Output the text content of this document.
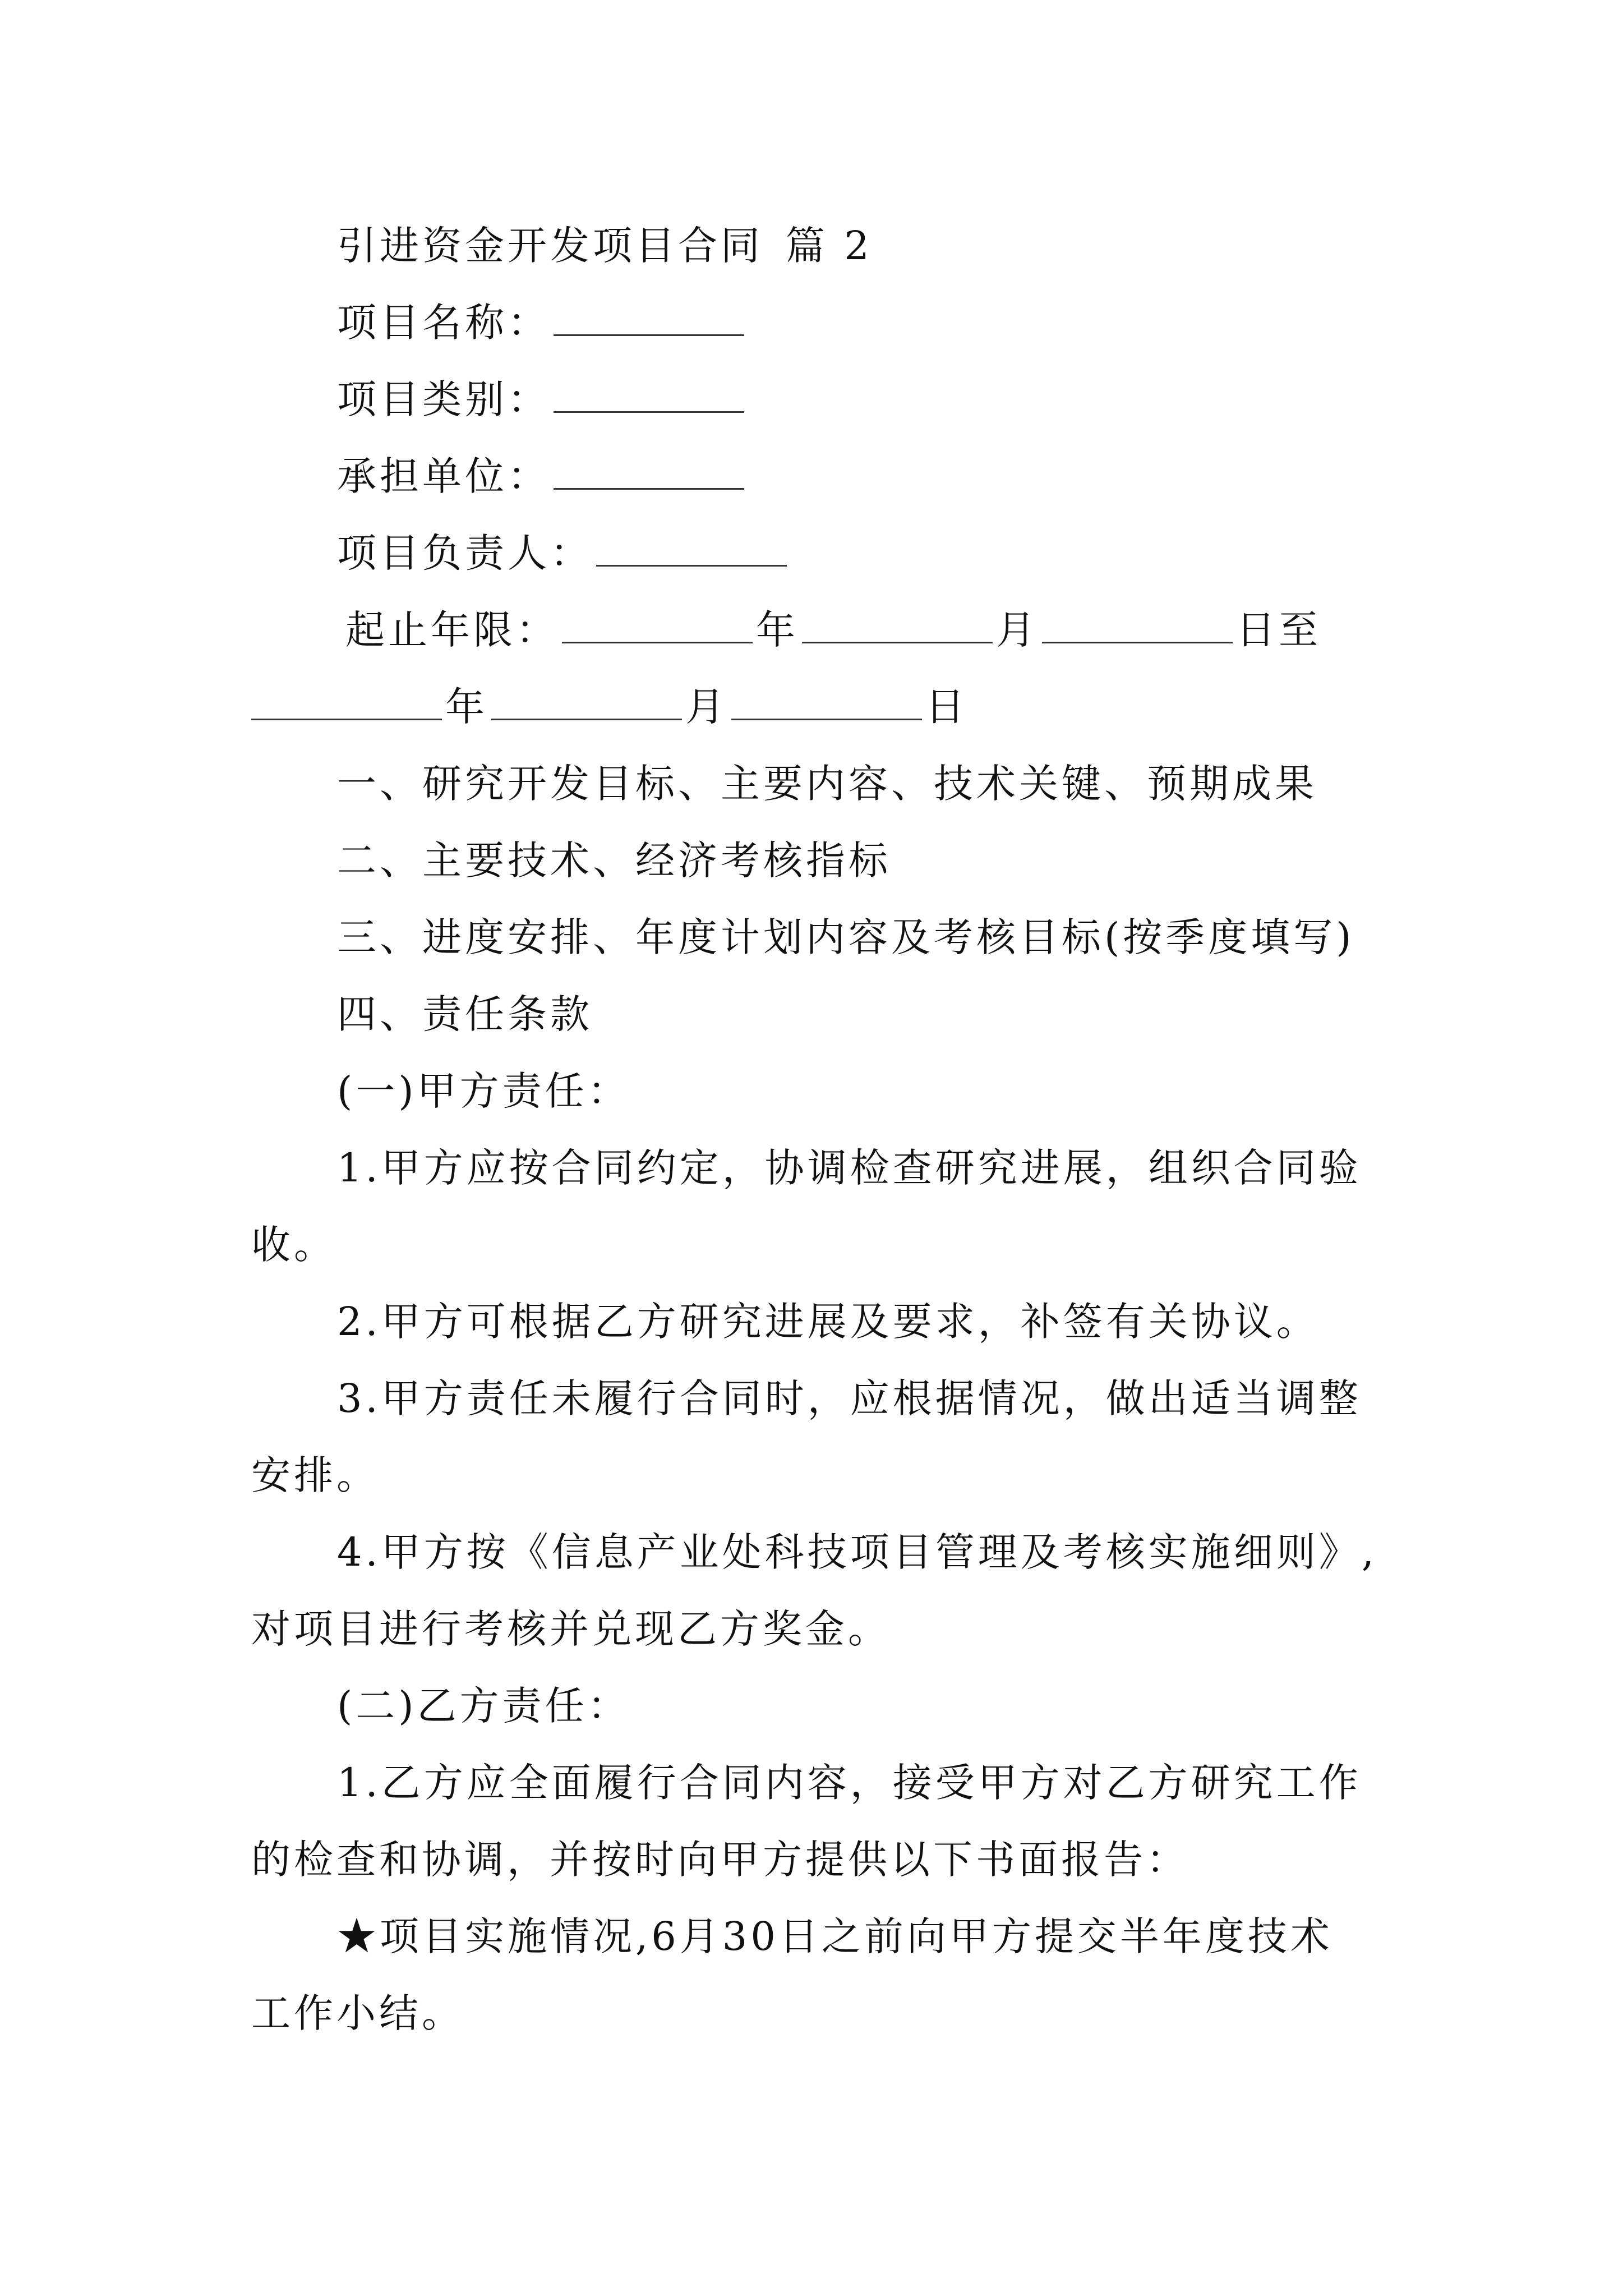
引进资金开发项目合同 篇 2
项目名称：
项目类别：
承担单位：
项目负责人：
起止年限：	年	月	日至
年	月	日
一、研究开发目标、主要内容、技术关键、预期成果
二、主要技术、经济考核指标
三、进度安排、年度计划内容及考核目标(按季度填写)
四、责任条款
(一)甲方责任：
1.甲方应按合同约定，协调检查研究进展，组织合同验
收。
2.甲方可根据乙方研究进展及要求，补签有关协议。
3.甲方责任未履行合同时，应根据情况，做出适当调整
安排。
4.甲方按《信息产业处科技项目管理及考核实施细则》,
对项目进行考核并兑现乙方奖金。
(二)乙方责任：
1.乙方应全面履行合同内容，接受甲方对乙方研究工作
的检查和协调，并按时向甲方提供以下书面报告：
★项目实施情况,6月30日之前向甲方提交半年度技术
工作小结。
